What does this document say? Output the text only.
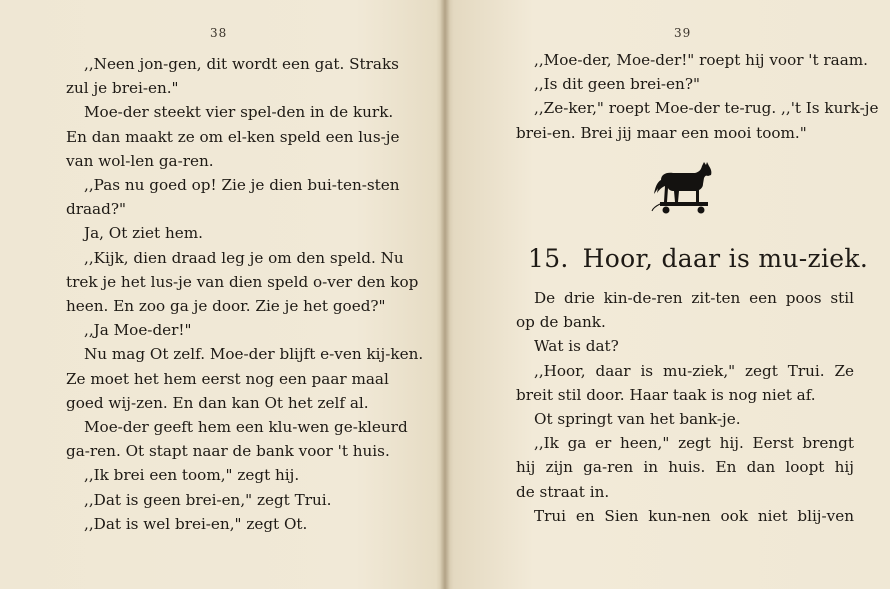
38
,,Neen jon-gen, dit wordt een gat. Straks
zul je brei-en."
Moe-der steekt vier spel-den in de kurk.
En dan maakt ze om el-ken speld een lus-je
van wol-len ga-ren.
,,Pas nu goed op! Zie je dien bui-ten-sten
draad?"
Ja, Ot ziet hem.
,,Kijk, dien draad leg je om den speld. Nu
trek je het lus-je van dien speld o-ver den kop
heen. En zoo ga je door. Zie je het goed?"
,,Ja Moe-der!"
Nu mag Ot zelf. Moe-der blijft e-ven kij-ken.
Ze moet het hem eerst nog een paar maal
goed wij-zen. En dan kan Ot het zelf al.
Moe-der geeft hem een klu-wen ge-kleurd
ga-ren. Ot stapt naar de bank voor 't huis.
,,Ik brei een toom," zegt hij.
,,Dat is geen brei-en," zegt Trui.
,,Dat is wel brei-en," zegt Ot.
39
,,Moe-der, Moe-der!" roept hij voor 't raam.
,,Is dit geen brei-en?"
,,Ze-ker," roept Moe-der te-rug. ,,'t Is kurk-je
brei-en. Brei jij maar een mooi toom."
15. Hoor, daar is mu-ziek.
De drie kin-de-ren zit-ten een poos stil
op de bank.
Wat is dat?
,,Hoor, daar is mu-ziek," zegt Trui. Ze
breit stil door. Haar taak is nog niet af.
Ot springt van het bank-je.
,,Ik ga er heen," zegt hij. Eerst brengt
hij zijn ga-ren in huis. En dan loopt hij
de straat in.
Trui en Sien kun-nen ook niet blij-ven
